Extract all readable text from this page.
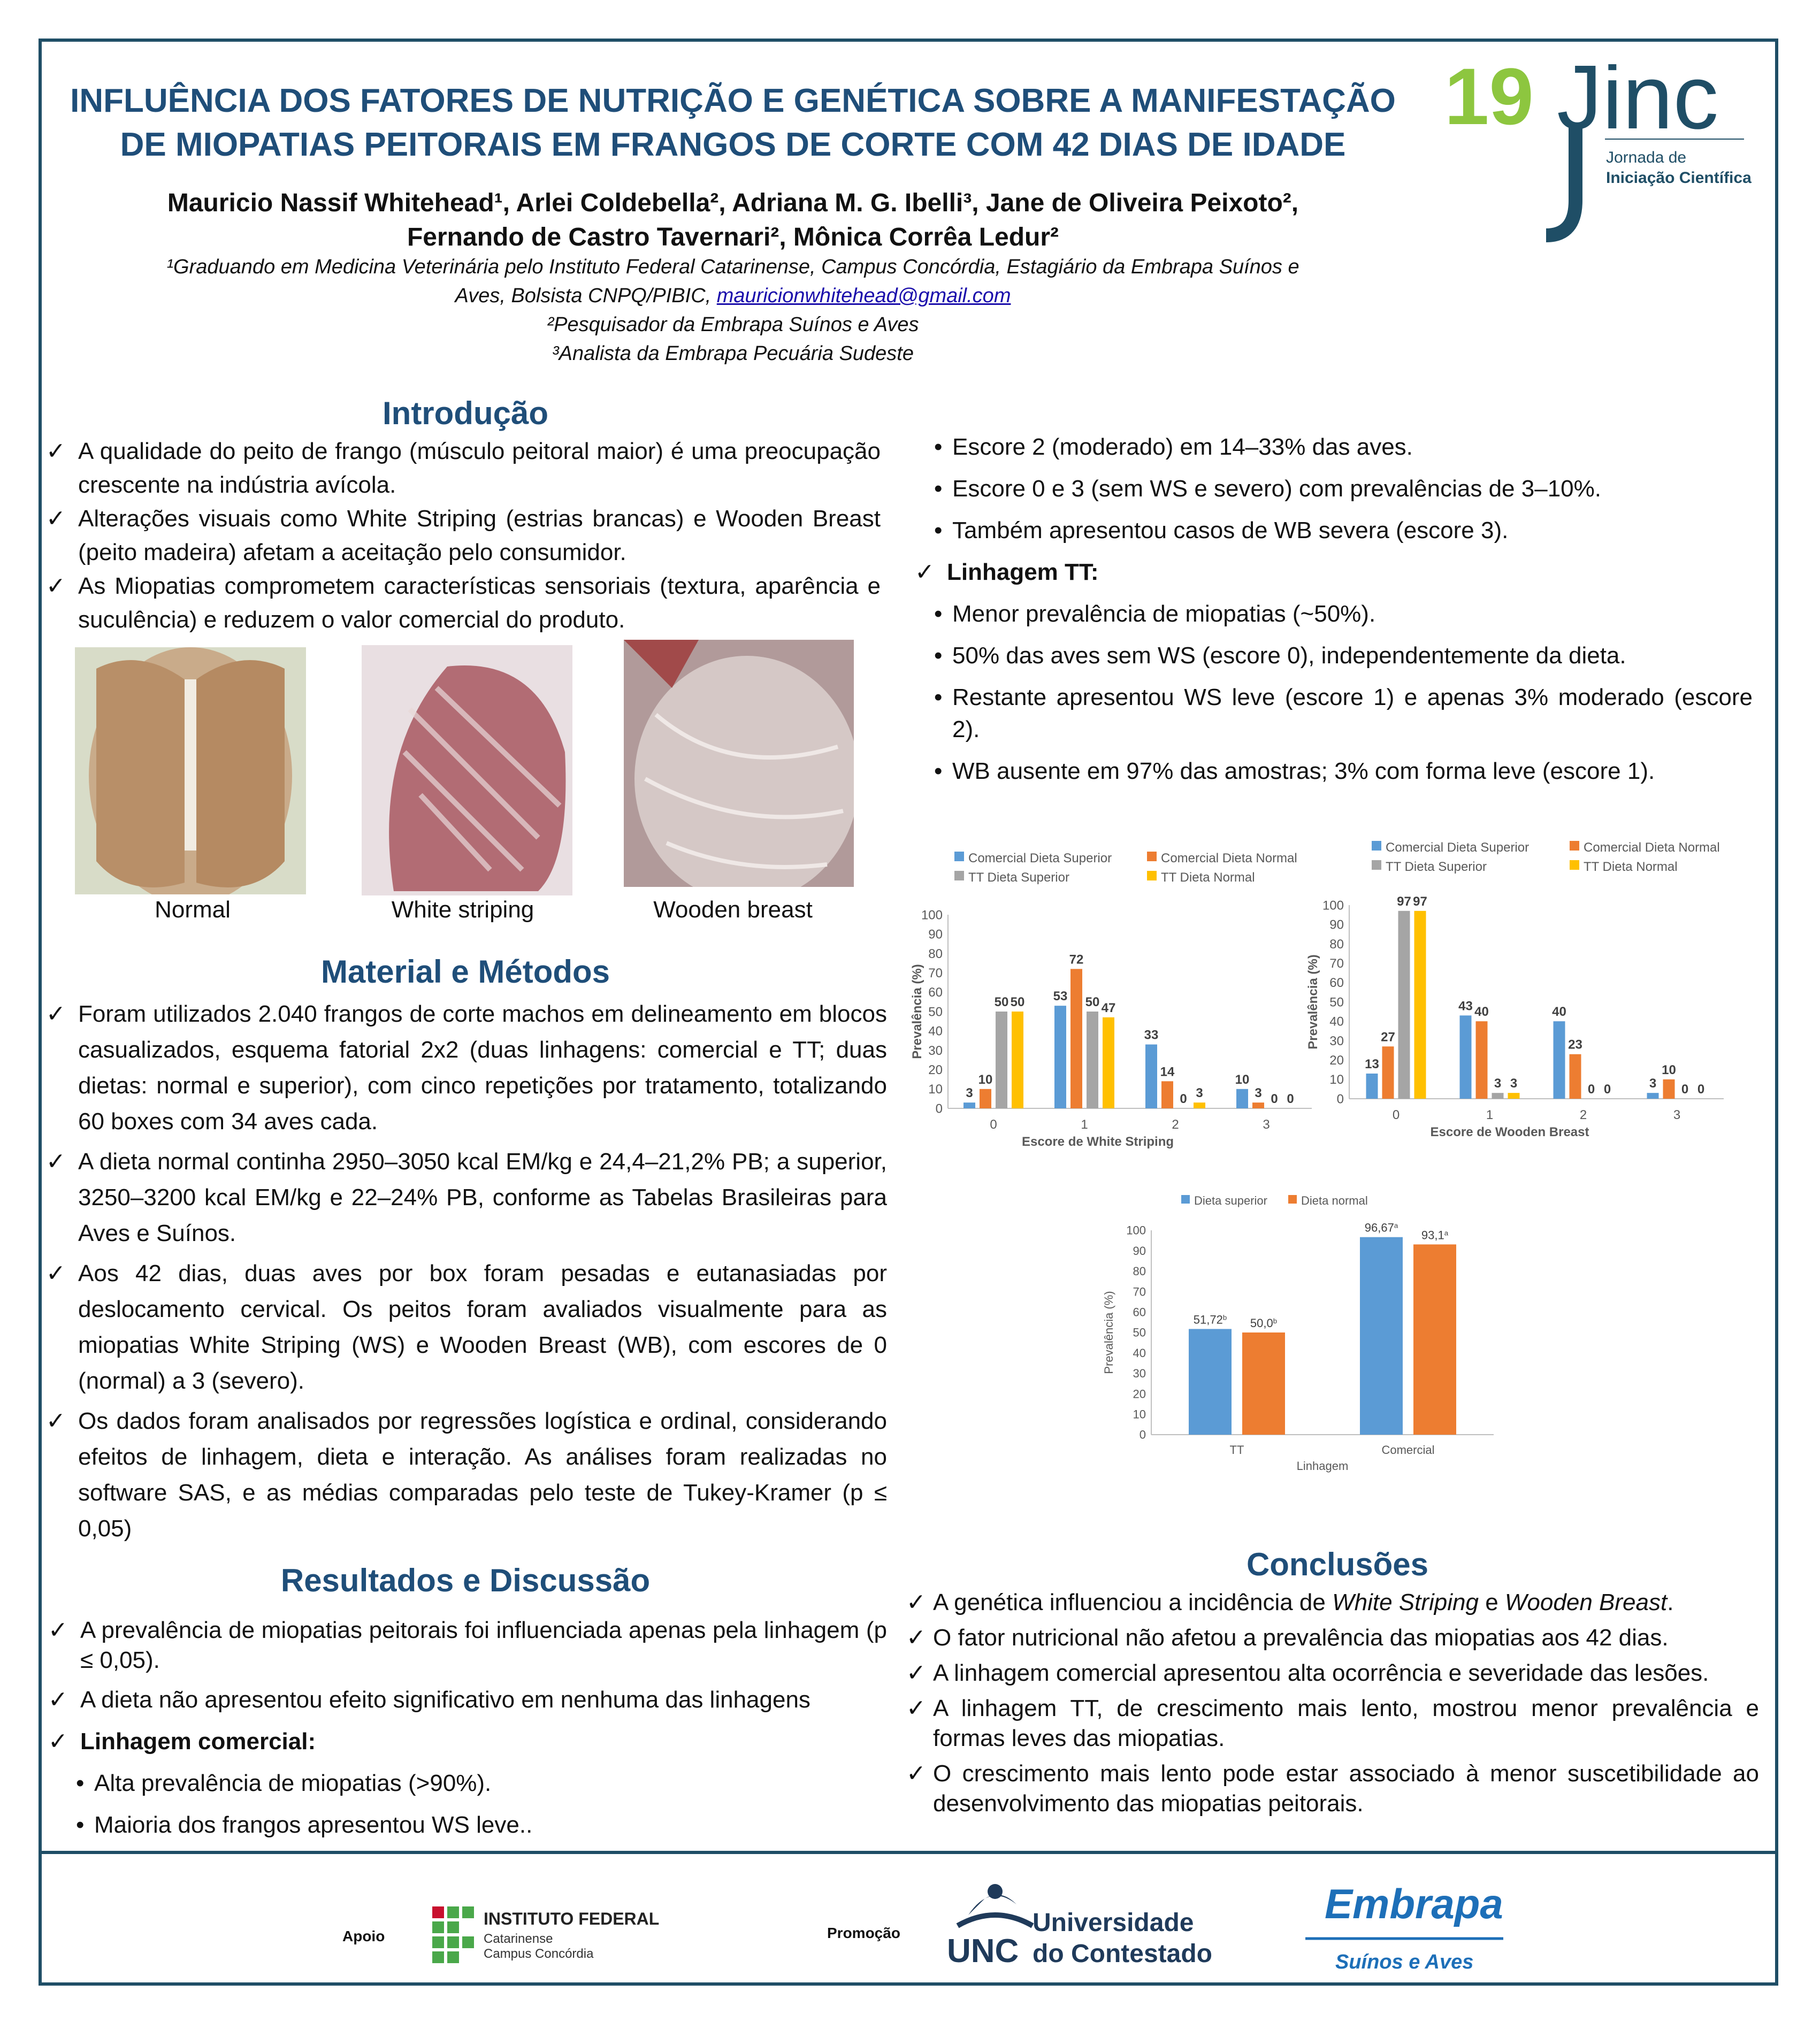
INFLUÊNCIA DOS FATORES DE NUTRIÇÃO E GENÉTICA SOBRE A MANIFESTAÇÃO
DE MIOPATIAS PEITORAIS EM FRANGOS DE CORTE COM 42 DIAS DE IDADE
Mauricio Nassif Whitehead¹, Arlei Coldebella², Adriana M. G. Ibelli³, Jane de Oliveira Peixoto²,
Fernando de Castro Tavernari², Mônica Corrêa Ledur²
¹Graduando em Medicina Veterinária pelo Instituto Federal Catarinense, Campus Concórdia, Estagiário da Embrapa Suínos e
Aves, Bolsista CNPQ/PIBIC, mauricionwhitehead@gmail.com
²Pesquisador da Embrapa Suínos e Aves
³Analista da Embrapa Pecuária Sudeste
19 Jinc
Jornada de
Iniciação Científica
Introdução
✓ A qualidade do peito de frango (músculo peitoral maior) é uma preocupação crescente na indústria avícola.
✓ Alterações visuais como White Striping (estrias brancas) e Wooden Breast (peito madeira) afetam a aceitação pelo consumidor.
✓ As Miopatias comprometem características sensoriais (textura, aparência e suculência) e reduzem o valor comercial do produto.
Normal	White striping	Wooden breast
Material e Métodos
✓ Foram utilizados 2.040 frangos de corte machos em delineamento em blocos casualizados, esquema fatorial 2x2 (duas linhagens: comercial e TT; duas dietas: normal e superior), com cinco repetições por tratamento, totalizando 60 boxes com 34 aves cada.
✓ A dieta normal continha 2950–3050 kcal EM/kg e 24,4–21,2% PB; a superior, 3250–3200 kcal EM/kg e 22–24% PB, conforme as Tabelas Brasileiras para Aves e Suínos.
✓ Aos 42 dias, duas aves por box foram pesadas e eutanasiadas por deslocamento cervical. Os peitos foram avaliados visualmente para as miopatias White Striping (WS) e Wooden Breast (WB), com escores de 0 (normal) a 3 (severo).
✓ Os dados foram analisados por regressões logística e ordinal, considerando efeitos de linhagem, dieta e interação. As análises foram realizadas no software SAS, e as médias comparadas pelo teste de Tukey-Kramer (p ≤ 0,05)
Resultados e Discussão
✓ A prevalência de miopatias peitorais foi influenciada apenas pela linhagem (p ≤ 0,05).
✓ A dieta não apresentou efeito significativo em nenhuma das linhagens
✓ Linhagem comercial:
• Alta prevalência de miopatias (>90%).
• Maioria dos frangos apresentou WS leve..
• Escore 2 (moderado) em 14–33% das aves.
• Escore 0 e 3 (sem WS e severo) com prevalências de 3–10%.
• Também apresentou casos de WB severa (escore 3).
✓ Linhagem TT:
• Menor prevalência de miopatias (~50%).
• 50% das aves sem WS (escore 0), independentemente da dieta.
• Restante apresentou WS leve (escore 1) e apenas 3% moderado (escore 2).
• WB ausente em 97% das amostras; 3% com forma leve (escore 1).
Comercial Dieta Superior	Comercial Dieta Normal
TT Dieta Superior	TT Dieta Normal
0
10
20
30
40
50
60
70
80
90
100
Prevalência (%)
3
10
50 50
0
53
72
50 47
1
33
14
0 3
2
10
3 0 0
3
Escore de White Striping
Comercial Dieta Superior	Comercial Dieta Normal
TT Dieta Superior	TT Dieta Normal
0
10
20
30
40
50
60
70
80
90
100
Prevalência (%)
13
27
97 97
0
43 40
3 3
1
40
23
0 0
2
3
10
0 0
3
Escore de Wooden Breast
Dieta superior	Dieta normal
0
10
20
30
40
50
60
70
80
90
100
Prevalência (%)	51,72$^b$ 50,0$^b$
TT
96,67$^a$
93,1$^a$
Comercial
Linhagem
Conclusões
✓ A genética influenciou a incidência de White Striping e Wooden Breast.
✓ O fator nutricional não afetou a prevalência das miopatias aos 42 dias.
✓ A linhagem comercial apresentou alta ocorrência e severidade das lesões.
✓ A linhagem TT, de crescimento mais lento, mostrou menor prevalência e formas leves das miopatias.
✓ O crescimento mais lento pode estar associado à menor suscetibilidade ao desenvolvimento das miopatias peitorais.
Apoio
INSTITUTO FEDERAL
Catarinense
Campus Concórdia
Promoção UNC
Universidade
do Contestado
Embrapa
Suínos e Aves
